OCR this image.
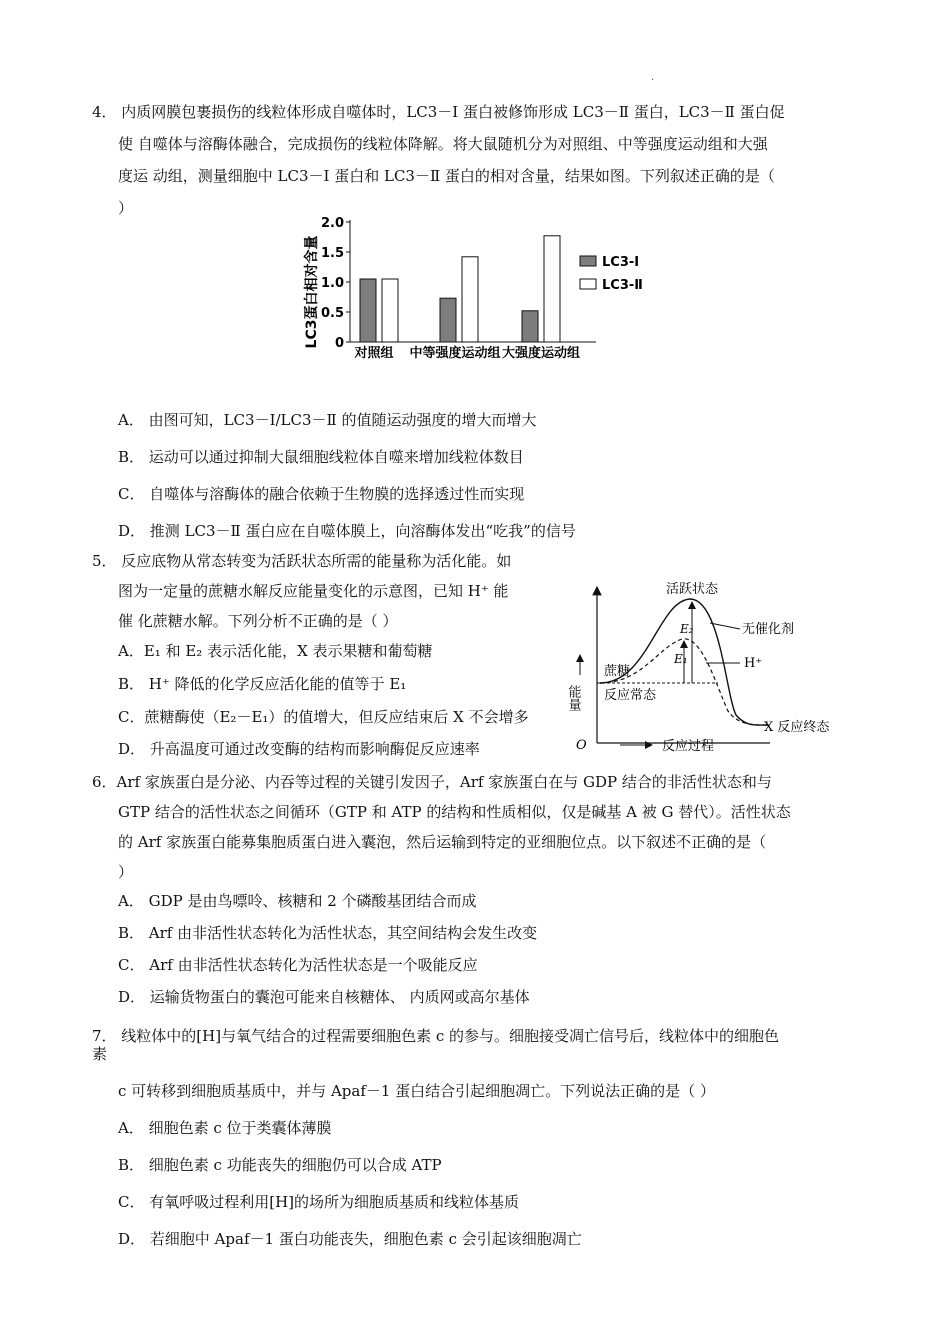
.
4． 内质网膜包裹损伤的线粒体形成自噬体时，LC3－Ⅰ 蛋白被修饰形成 LC3－Ⅱ 蛋白，LC3－Ⅱ 蛋白促
使 自噬体与溶酶体融合，完成损伤的线粒体降解。将大鼠随机分为对照组、中等强度运动组和大强
度运 动组，测量细胞中 LC3－Ⅰ 蛋白和 LC3－Ⅱ 蛋白的相对含量，结果如图。下列叙述正确的是（
）
LC3蛋白相对含量 0
0.5
1.0
1.5
2.0
对照组 中等强度运动组 大强度运动组
LC3-Ⅰ
LC3-Ⅱ
A． 由图可知，LC3－Ⅰ/LC3－Ⅱ 的值随运动强度的增大而增大
B． 运动可以通过抑制大鼠细胞线粒体自噬来增加线粒体数目
C． 自噬体与溶酶体的融合依赖于生物膜的选择透过性而实现
D． 推测 LC3－Ⅱ 蛋白应在自噬体膜上，向溶酶体发出“吃我”的信号
5． 反应底物从常态转变为活跃状态所需的能量称为活化能。如
图为一定量的蔗糖水解反应能量变化的示意图，已知 H⁺ 能
催 化蔗糖水解。下列分析不正确的是（ ）
A．E₁ 和 E₂ 表示活化能，X 表示果糖和葡萄糖
B． H⁺ 降低的化学反应活化能的值等于 E₁
C．蔗糖酶使（E₂－E₁）的值增大，但反应结束后 X 不会增多
D． 升高温度可通过改变酶的结构而影响酶促反应速率	O	反应过程
能量
活跃状态
E₂
E₁
无催化剂
H⁺
蔗糖
反应常态
X 反应终态
6．Arf 家族蛋白是分泌、内吞等过程的关键引发因子，Arf 家族蛋白在与 GDP 结合的非活性状态和与
GTP 结合的活性状态之间循环（GTP 和 ATP 的结构和性质相似，仅是碱基 A 被 G 替代）。活性状态
的 Arf 家族蛋白能募集胞质蛋白进入囊泡，然后运输到特定的亚细胞位点。以下叙述不正确的是（
）
A． GDP 是由鸟嘌呤、核糖和 2 个磷酸基团结合而成
B． Arf 由非活性状态转化为活性状态，其空间结构会发生改变
C． Arf 由非活性状态转化为活性状态是一个吸能反应
D． 运输货物蛋白的囊泡可能来自核糖体、 内质网或高尔基体
7． 线粒体中的[H]与氧气结合的过程需要细胞色素 c 的参与。细胞接受凋亡信号后，线粒体中的细胞色
素
c 可转移到细胞质基质中，并与 Apaf－1 蛋白结合引起细胞凋亡。下列说法正确的是（ ）
A． 细胞色素 c 位于类囊体薄膜
B． 细胞色素 c 功能丧失的细胞仍可以合成 ATP
C． 有氧呼吸过程利用[H]的场所为细胞质基质和线粒体基质
D． 若细胞中 Apaf－1 蛋白功能丧失，细胞色素 c 会引起该细胞凋亡
